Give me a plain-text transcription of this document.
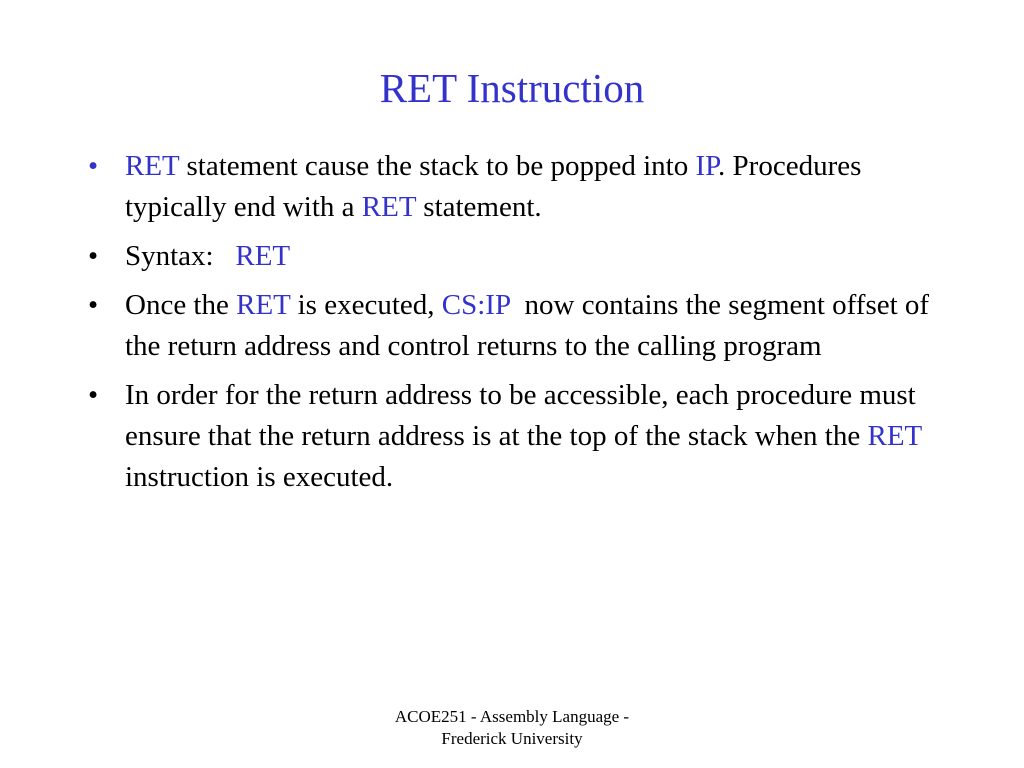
RET Instruction
• RET statement cause the stack to be popped into IP. Procedures typically end with a RET statement.
• Syntax:   RET
• Once the RET is executed, CS:IP  now contains the segment offset of the return address and control returns to the calling program
• In order for the return address to be accessible, each procedure must ensure that the return address is at the top of the stack when the RET instruction is executed.
ACOE251 - Assembly Language -
Frederick University
